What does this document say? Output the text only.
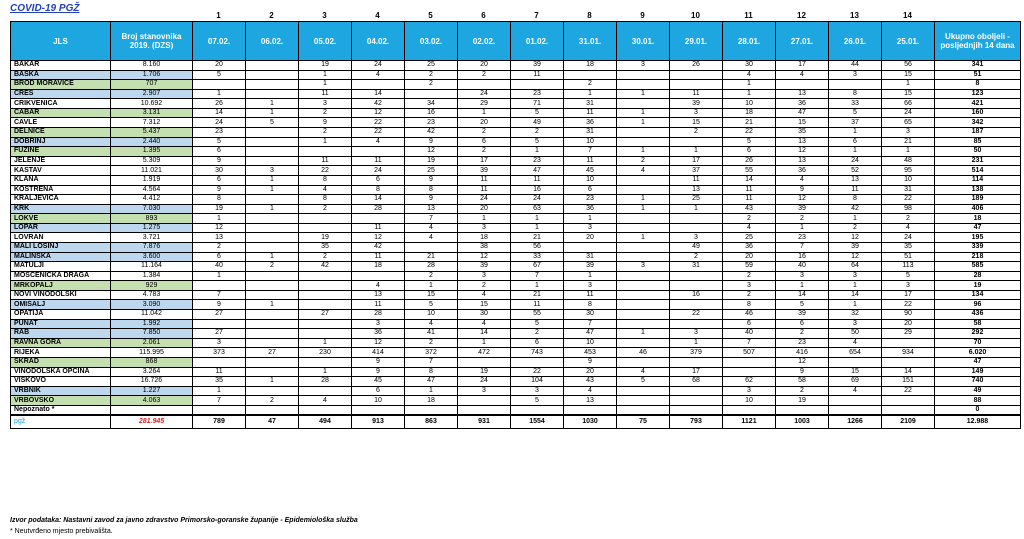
COVID-19 PGŽ
1	2	3	4	5	6	7	8	9	10	11	12	13	14
JLS	Broj stanovnika 2019. (DZS)	07.02.	06.02.	05.02.	04.02.	03.02.	02.02.	01.02.	31.01.	30.01.	29.01.	28.01.	27.01.	26.01.	25.01.	Ukupno oboljeli - posljednjih 14 dana
BAKAR	8.160	20		19	24	25	20	39	18	3	26	30	17	44	56	341
BAŠKA	1.706	5		1	4	2	2	11				4	4	3	15	51
BROD MORAVICE	707			1		2			2			1			1	8
CRES	2.907	1		11	14		24	23	1	1	11	1	13	8	15	123
CRIKVENICA	10.692	26	1	3	42	34	29	71	31		39	10	36	33	66	421
ČABAR	3.131	14	1	2	12	16	1	5	11	1	3	18	47	5	24	160
ČAVLE	7.312	24	5	9	22	23	20	49	36	1	15	21	15	37	65	342
DELNICE	5.437	23		2	22	42	2	2	31		2	22	35	1	3	187
DOBRINJ	2.440	5		1	4	9	6	5	10			5	13	6	21	85
FUŽINE	1.395	6				12	2	1	7	1	1	6	12	1	1	50
JELENJE	5.309	9		11	11	19	17	23	11	2	17	26	13	24	48	231
KASTAV	11.021	30	3	22	24	25	39	47	45	4	37	55	36	52	95	514
KLANA	1.919	6	1	8	6	9	11	11	10		11	14	4	13	10	114
KOSTRENA	4.564	9	1	4	8	8	11	16	6		13	11	9	11	31	138
KRALJEVICA	4.412	8		8	14	9	24	24	23	1	25	11	12	8	22	189
KRK	7.030	19	1	2	28	13	20	63	36	1	1	43	39	42	98	406
LOKVE	893	1				7	1	1	1			2	2	1	2	18
LOPAR	1.275	12			11	4	3	1	3			4	1	2	4	47
LOVRAN	3.721	13		19	12	4	18	21	20	1	3	25	23	12	24	195
MALI LOŠINJ	7.876	2		35	42		38	56			49	36	7	39	35	339
MALINSKA	3.600	6	1	2	11	21	12	33	31		2	20	16	12	51	218
MATULJI	11.164	40	2	42	18	28	39	67	39	3	31	59	40	64	113	585
MOŠĆENIČKA DRAGA	1.384	1				2	3	7	1			2	3	3	5	28
MRKOPALJ	929				4	1	2	1	3			3	1	1	3	19
NOVI VINODOLSKI	4.783	7			13	15	4	21	11		16	2	14	14	17	134
OMIŠALJ	3.090	9	1		11	5	15	11	8			8	5	1	22	96
OPATIJA	11.042	27		27	28	10	30	55	30		22	46	39	32	90	436
PUNAT	1.992				3	4	4	5	7			6	6	3	20	58
RAB	7.850	27			36	41	14	2	47	1	3	40	2	50	29	292
RAVNA GORA	2.061	3		1	12	2	1	6	10		1	7	23	4		70
RIJEKA	115.995	373	27	230	414	372	472	743	453	46	379	507	416	654	934	6.020
SKRAD	868				9	7			9				12			47
VINODOLSKA OPĆINA	3.264	11		1	9	8	19	22	20	4	17		9	15	14	149
VIŠKOVO	16.726	35	1	28	45	47	24	104	43	5	68	62	58	69	151	740
VRBNIK	1.227	1			6	1	3	3	4			3	2	4	22	49
VRBOVSKO	4.063	7	2	4	10	18		5	13			10	19			88
Nepoznato *																0
pgž	281.945	789	47	494	913	863	931	1554	1030	75	793	1121	1003	1266	2109	12.988
Izvor podataka: Nastavni zavod za javno zdravstvo Primorsko-goranske županije - Epidemiološka služba
* Neutvrđeno mjesto prebivališta.
